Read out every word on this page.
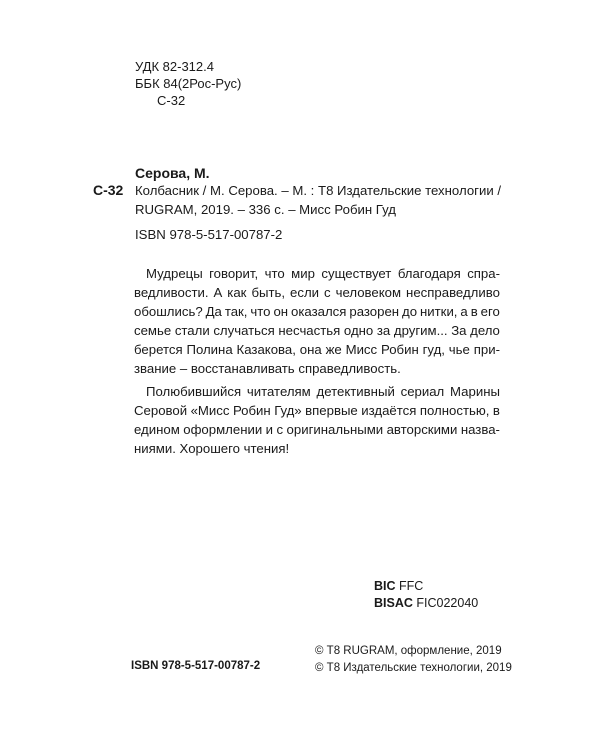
УДК 82-312.4
ББК 84(2Рос-Рус)
С-32
Серова, М.
С-32 Колбасник / М. Серова. – М. : Т8 Издательские технологии /
RUGRAM, 2019. – 336 с. – Мисс Робин Гуд
ISBN 978-5-517-00787-2
Мудрецы говорит, что мир существует благодаря спра-
ведливости. А как быть, если с человеком несправедливо
обошлись? Да так, что он оказался разорен до нитки, а в его
семье стали случаться несчастья одно за другим... За дело
берется Полина Казакова, она же Мисс Робин гуд, чье при-
звание – восстанавливать справедливость.
Полюбившийся читателям детективный сериал Марины
Серовой «Мисс Робин Гуд» впервые издаётся полностью, в
едином оформлении и с оригинальными авторскими назва-
ниями. Хорошего чтения!
BIC FFC
BISAC FIC022040
© Т8 RUGRAM, оформление, 2019
© Т8 Издательские технологии, 2019
ISBN 978-5-517-00787-2
